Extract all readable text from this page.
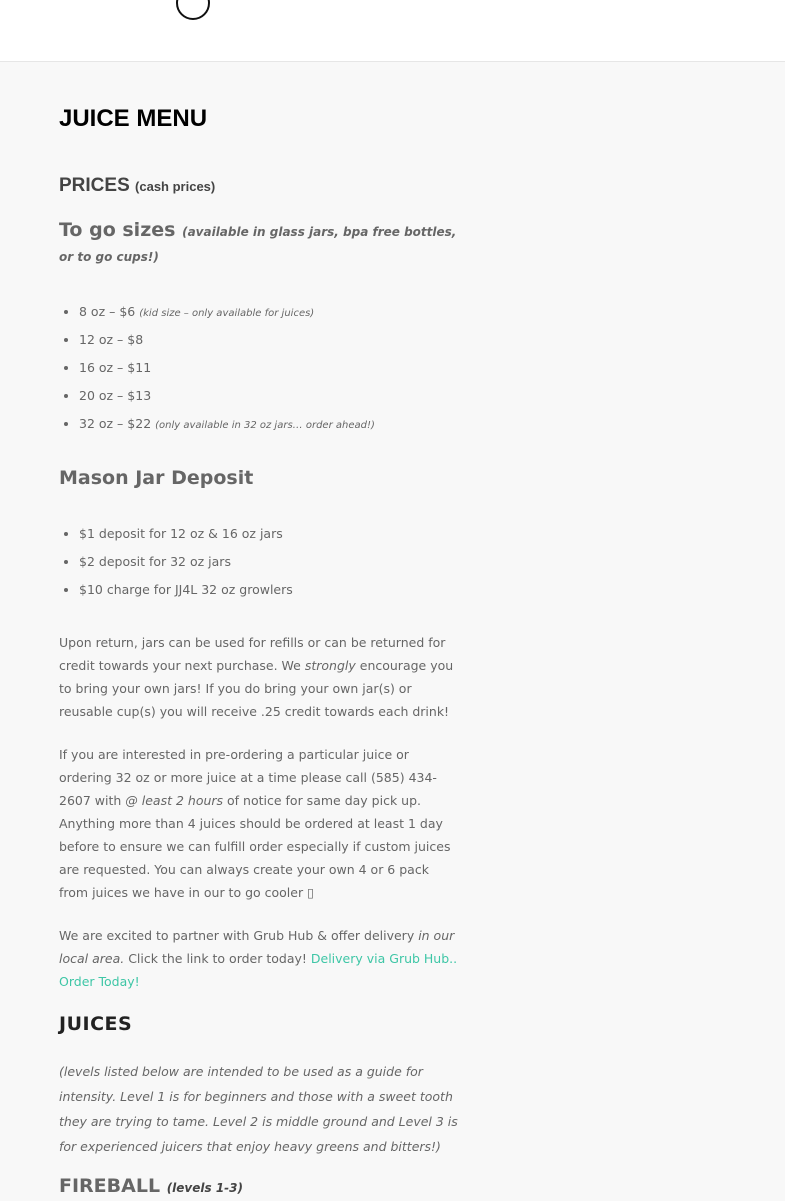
JUICE MENU
PRICES (cash prices)
To go sizes (available in glass jars, bpa free bottles, or to go cups!)
• 8 oz – $6 (kid size – only available for juices)
• 12 oz – $8
• 16 oz – $11
• 20 oz – $13
• 32 oz – $22 (only available in 32 oz jars… order ahead!)
Mason Jar Deposit
• $1 deposit for 12 oz & 16 oz jars
• $2 deposit for 32 oz jars
• $10 charge for JJ4L 32 oz growlers

Upon return, jars can be used for refills or can be returned for credit towards your next purchase. We strongly encourage you to bring your own jars! If you do bring your own jar(s) or reusable cup(s) you will receive .25 credit towards each drink!

If you are interested in pre-ordering a particular juice or ordering 32 oz or more juice at a time please call (585) 434-2607 with @ least 2 hours of notice for same day pick up. Anything more than 4 juices should be ordered at least 1 day before to ensure we can fulfill order especially if custom juices are requested. You can always create your own 4 or 6 pack from juices we have in our to go cooler ▯

We are excited to partner with Grub Hub & offer delivery in our local area. Click the link to order today! Delivery via Grub Hub.. Order Today!

JUICES

(levels listed below are intended to be used as a guide for intensity. Level 1 is for beginners and those with a sweet tooth they are trying to tame. Level 2 is middle ground and Level 3 is for experienced juicers that enjoy heavy greens and bitters!)

FIREBALL (levels 1-3)
